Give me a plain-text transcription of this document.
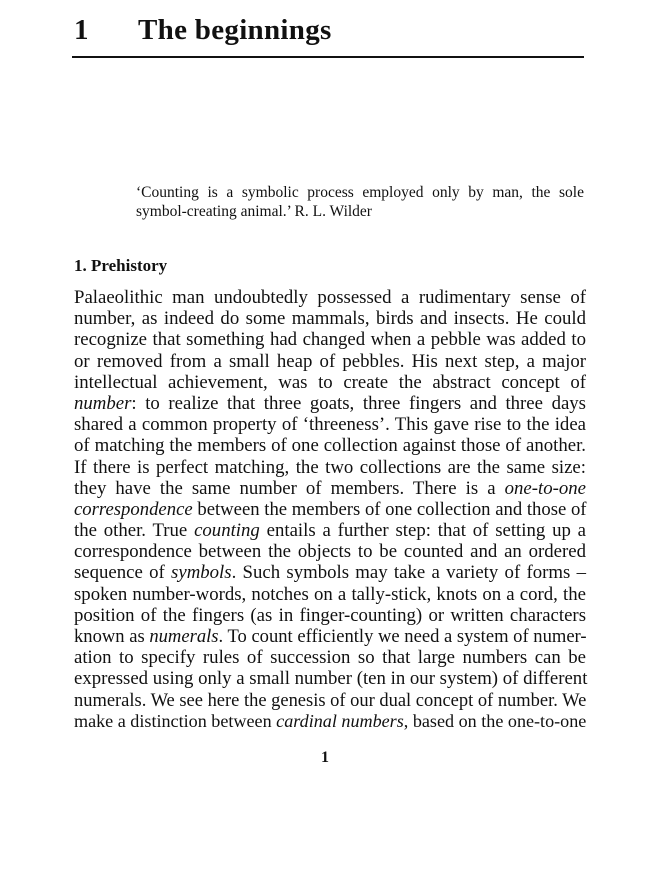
1 The beginnings
‘Counting is a symbolic process employed only by man, the sole symbol-creating animal.’ R. L. Wilder
1. Prehistory
Palaeolithic man undoubtedly possessed a rudimentary sense of
number, as indeed do some mammals, birds and insects. He could
recognize that something had changed when a pebble was added to
or removed from a small heap of pebbles. His next step, a major
intellectual achievement, was to create the abstract concept of
number: to realize that three goats, three fingers and three days
shared a common property of ‘threeness’. This gave rise to the idea
of matching the members of one collection against those of another.
If there is perfect matching, the two collections are the same size:
they have the same number of members. There is a one-to-one
correspondence between the members of one collection and those of
the other. True counting entails a further step: that of setting up a
correspondence between the objects to be counted and an ordered
sequence of symbols. Such symbols may take a variety of forms –
spoken number-words, notches on a tally-stick, knots on a cord, the
position of the fingers (as in finger-counting) or written characters
known as numerals. To count efficiently we need a system of numer-
ation to specify rules of succession so that large numbers can be
expressed using only a small number (ten in our system) of different
numerals. We see here the genesis of our dual concept of number. We
make a distinction between cardinal numbers, based on the one-to-one
1
